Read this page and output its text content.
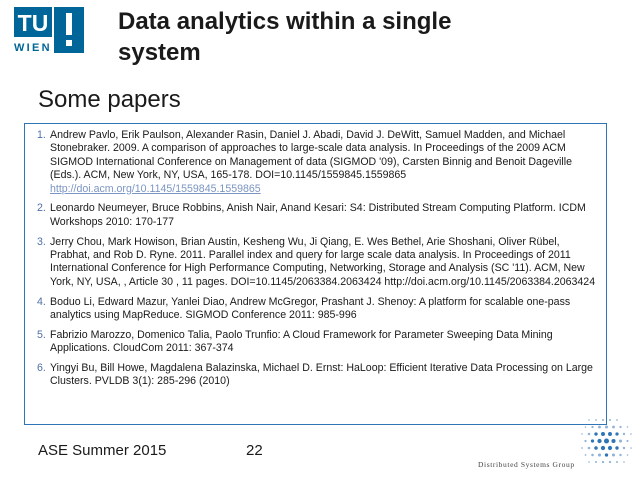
TU
WIEN
Data analytics within a single system
Some papers
1. Andrew Pavlo, Erik Paulson, Alexander Rasin, Daniel J. Abadi, David J. DeWitt, Samuel Madden, and Michael Stonebraker. 2009. A comparison of approaches to large-scale data analysis. In Proceedings of the 2009 ACM SIGMOD International Conference on Management of data (SIGMOD '09), Carsten Binnig and Benoit Dageville (Eds.). ACM, New York, NY, USA, 165-178. DOI=10.1145/1559845.1559865
http://doi.acm.org/10.1145/1559845.1559865
2. Leonardo Neumeyer, Bruce Robbins, Anish Nair, Anand Kesari: S4: Distributed Stream Computing Platform. ICDM Workshops 2010: 170-177
3. Jerry Chou, Mark Howison, Brian Austin, Kesheng Wu, Ji Qiang, E. Wes Bethel, Arie Shoshani, Oliver Rübel, Prabhat, and Rob D. Ryne. 2011. Parallel index and query for large scale data analysis. In Proceedings of 2011 International Conference for High Performance Computing, Networking, Storage and Analysis (SC '11). ACM, New York, NY, USA, , Article 30 , 11 pages. DOI=10.1145/2063384.2063424 http://doi.acm.org/10.1145/2063384.2063424
4. Boduo Li, Edward Mazur, Yanlei Diao, Andrew McGregor, Prashant J. Shenoy: A platform for scalable one-pass analytics using MapReduce. SIGMOD Conference 2011: 985-996
5. Fabrizio Marozzo, Domenico Talia, Paolo Trunfio: A Cloud Framework for Parameter Sweeping Data Mining Applications. CloudCom 2011: 367-374
6. Yingyi Bu, Bill Howe, Magdalena Balazinska, Michael D. Ernst: HaLoop: Efficient Iterative Data Processing on Large Clusters. PVLDB 3(1): 285-296 (2010)
ASE Summer 2015	22
Distributed Systems Group
